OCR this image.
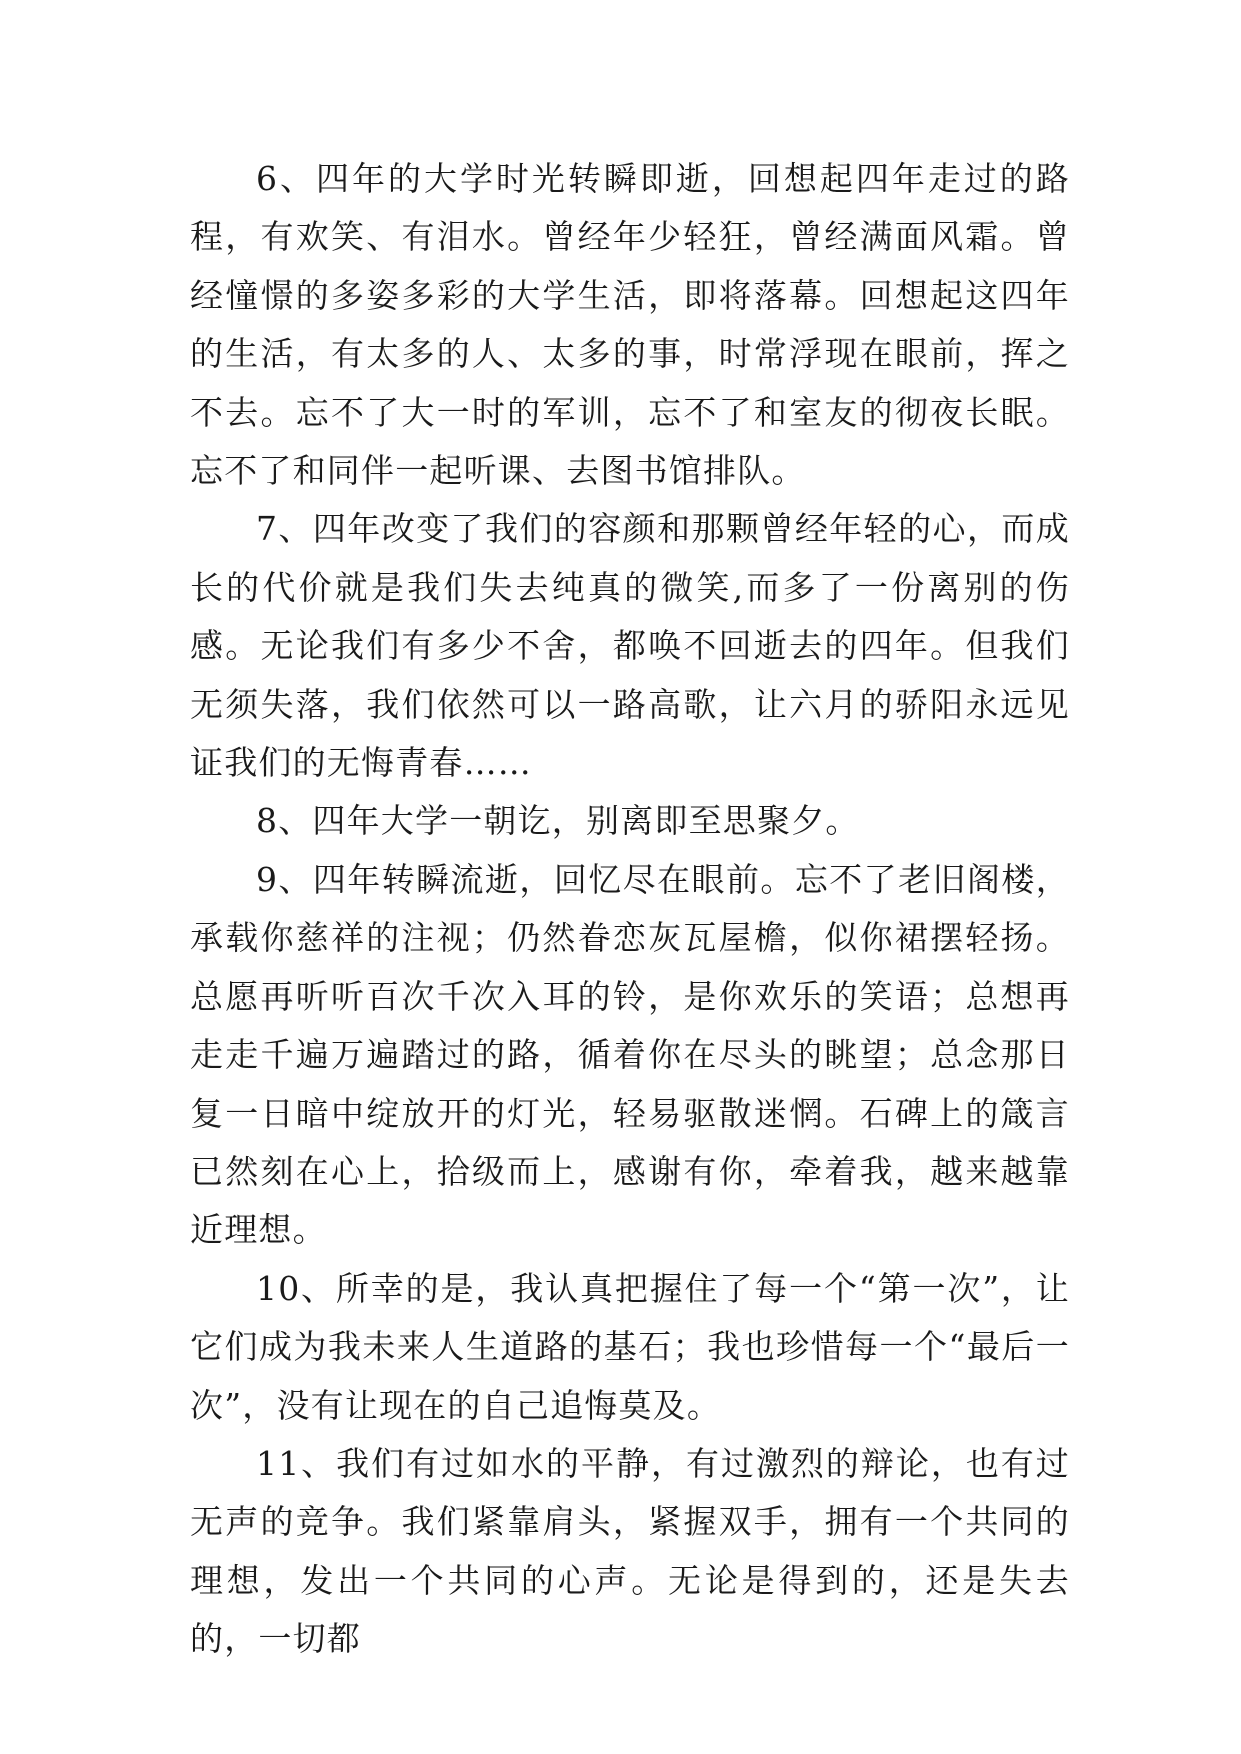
6、四年的大学时光转瞬即逝，回想起四年走过的路程，有欢笑、有泪水。曾经年少轻狂，曾经满面风霜。曾经憧憬的多姿多彩的大学生活，即将落幕。回想起这四年的生活，有太多的人、太多的事，时常浮现在眼前，挥之不去。忘不了大一时的军训，忘不了和室友的彻夜长眠。忘不了和同伴一起听课、去图书馆排队。

7、四年改变了我们的容颜和那颗曾经年轻的心，而成长的代价就是我们失去纯真的微笑,而多了一份离别的伤感。无论我们有多少不舍，都唤不回逝去的四年。但我们无须失落，我们依然可以一路高歌，让六月的骄阳永远见证我们的无悔青春……

8、四年大学一朝讫，别离即至思聚夕。

9、四年转瞬流逝，回忆尽在眼前。忘不了老旧阁楼，承载你慈祥的注视；仍然眷恋灰瓦屋檐，似你裙摆轻扬。总愿再听听百次千次入耳的铃，是你欢乐的笑语；总想再走走千遍万遍踏过的路，循着你在尽头的眺望；总念那日复一日暗中绽放开的灯光，轻易驱散迷惘。石碑上的箴言已然刻在心上，拾级而上，感谢有你，牵着我，越来越靠近理想。

10、所幸的是，我认真把握住了每一个“第一次”，让它们成为我未来人生道路的基石；我也珍惜每一个“最后一次”，没有让现在的自己追悔莫及。

11、我们有过如水的平静，有过激烈的辩论，也有过无声的竞争。我们紧靠肩头，紧握双手，拥有一个共同的理想，发出一个共同的心声。无论是得到的，还是失去的，一切都
